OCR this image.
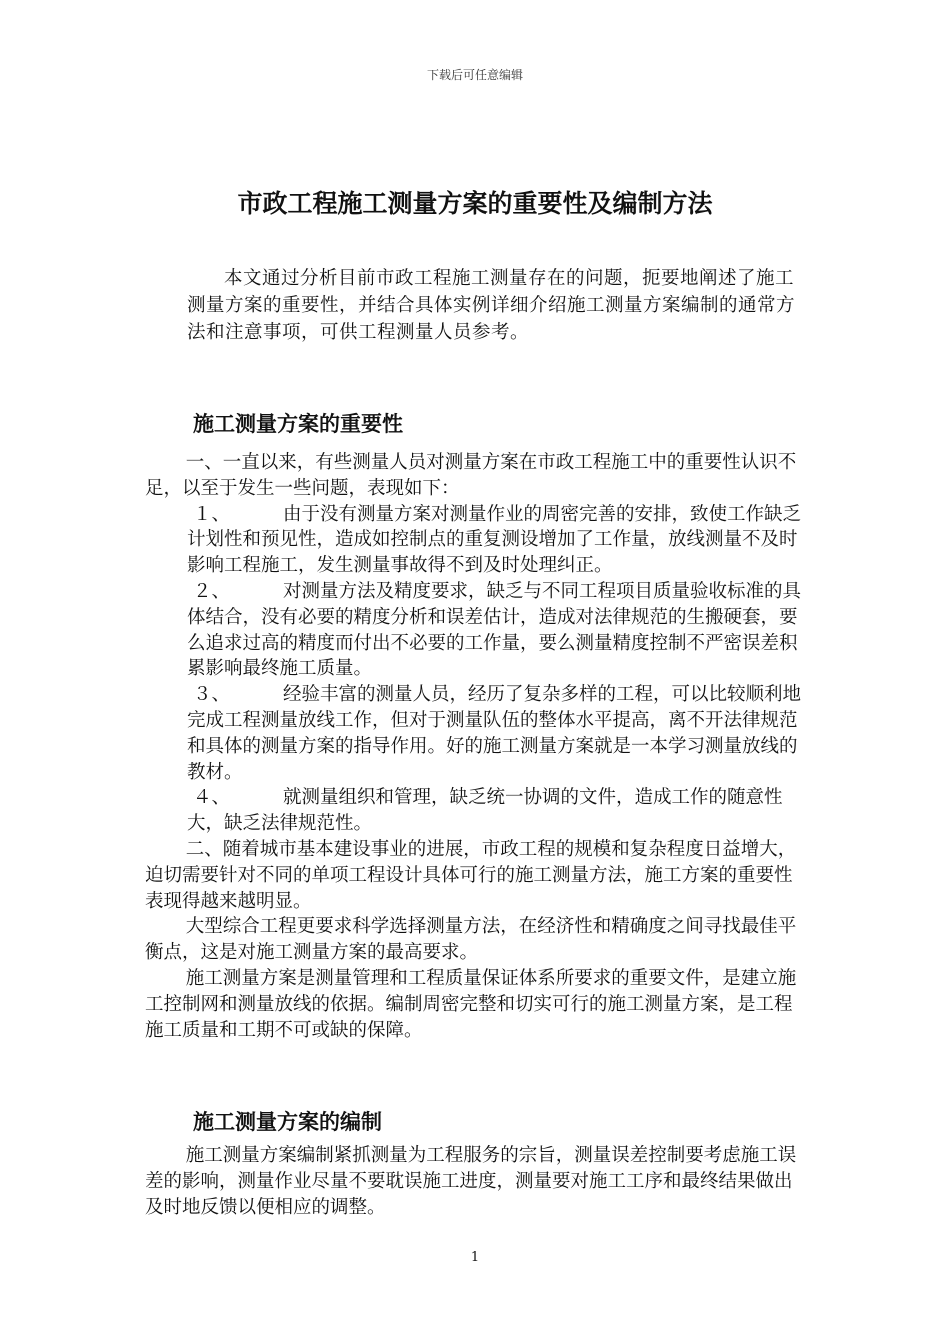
下载后可任意编辑
市政工程施工测量方案的重要性及编制方法

本文通过分析目前市政工程施工测量存在的问题，扼要地阐述了施工测量方案的重要性，并结合具体实例详细介绍施工测量方案编制的通常方法和注意事项，可供工程测量人员参考。

施工测量方案的重要性

一、一直以来，有些测量人员对测量方案在市政工程施工中的重要性认识不足，以至于发生一些问题，表现如下：

１、	由于没有测量方案对测量作业的周密完善的安排，致使工作缺乏计划性和预见性，造成如控制点的重复测设增加了工作量，放线测量不及时影响工程施工，发生测量事故得不到及时处理纠正。

２、	对测量方法及精度要求，缺乏与不同工程项目质量验收标准的具体结合，没有必要的精度分析和误差估计，造成对法律规范的生搬硬套，要么追求过高的精度而付出不必要的工作量，要么测量精度控制不严密误差积累影响最终施工质量。

３、	经验丰富的测量人员，经历了复杂多样的工程，可以比较顺利地完成工程测量放线工作，但对于测量队伍的整体水平提高，离不开法律规范和具体的测量方案的指导作用。好的施工测量方案就是一本学习测量放线的教材。

４、	就测量组织和管理，缺乏统一协调的文件，造成工作的随意性大，缺乏法律规范性。

二、随着城市基本建设事业的进展，市政工程的规模和复杂程度日益增大，迫切需要针对不同的单项工程设计具体可行的施工测量方法，施工方案的重要性表现得越来越明显。

大型综合工程更要求科学选择测量方法，在经济性和精确度之间寻找最佳平衡点，这是对施工测量方案的最高要求。

施工测量方案是测量管理和工程质量保证体系所要求的重要文件，是建立施工控制网和测量放线的依据。编制周密完整和切实可行的施工测量方案，是工程施工质量和工期不可或缺的保障。

施工测量方案的编制

施工测量方案编制紧抓测量为工程服务的宗旨，测量误差控制要考虑施工误差的影响，测量作业尽量不要耽误施工进度，测量要对施工工序和最终结果做出及时地反馈以便相应的调整。

1
